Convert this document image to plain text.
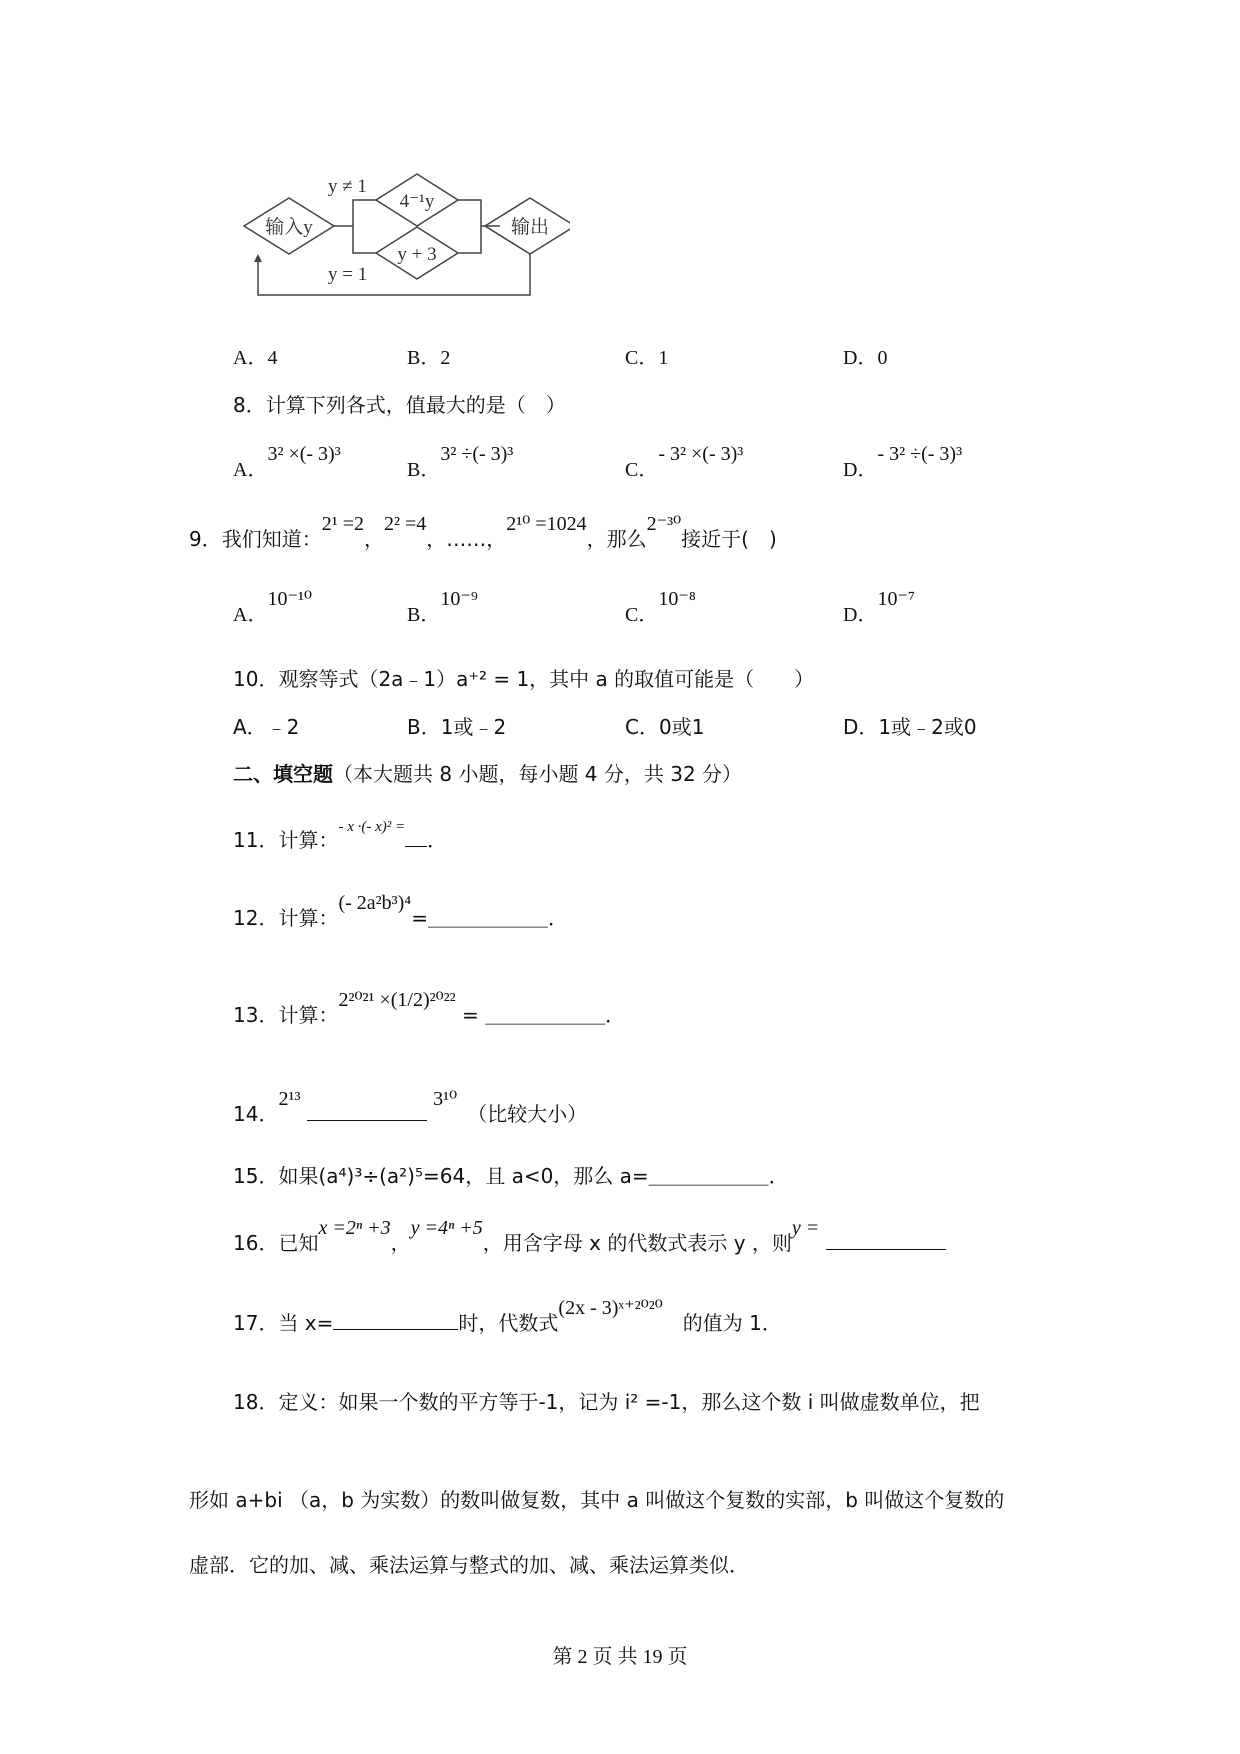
输入y
4⁻¹y
y + 3
输出
y ≠ 1
y = 1
A．4	B．2	C．1	D．0
8．计算下列各式，值最大的是（　）
A．3² ×(- 3)³
B．3² ÷(- 3)³
C．- 3² ×(- 3)³
D．- 3² ÷(- 3)³
9．我们知道：2¹ =2，2² =4，……，2¹⁰ =1024，那么2⁻³⁰接近于(　)
A．10⁻¹⁰
B．10⁻⁹
C．10⁻⁸
D．10⁻⁷
10．观察等式（2a﹣1）a⁺² = 1，其中 a 的取值可能是（　　）
A．﹣2	B．1或﹣2	C．0或1	D．1或﹣2或0
二、填空题（本大题共 8 小题，每小题 4 分，共 32 分）
11．计算：$^{- x \cdot(- x)^2 =}$．
12．计算：(- 2a²b³)⁴=＿＿＿＿＿＿．
13．计算：2²⁰²¹ ×(1/2)²⁰²² = ＿＿＿＿＿＿．
14．2¹³	3¹⁰　（比较大小）
15．如果(a⁴)³÷(a²)⁵=64，且 a<0，那么 a=＿＿＿＿＿＿．
16．已知x =2ⁿ +3，y =4ⁿ +5，用含字母 x 的代数式表示 y ，则y =
17．当 x=	时，代数式(2x - 3)ˣ⁺²⁰²⁰　的值为 1．
18．定义：如果一个数的平方等于-1，记为 i² =-1，那么这个数 i 叫做虚数单位，把
形如 a+bi （a，b 为实数）的数叫做复数，其中 a 叫做这个复数的实部，b 叫做这个复数的
虚部．它的加、减、乘法运算与整式的加、减、乘法运算类似．
第 2 页 共 19 页
